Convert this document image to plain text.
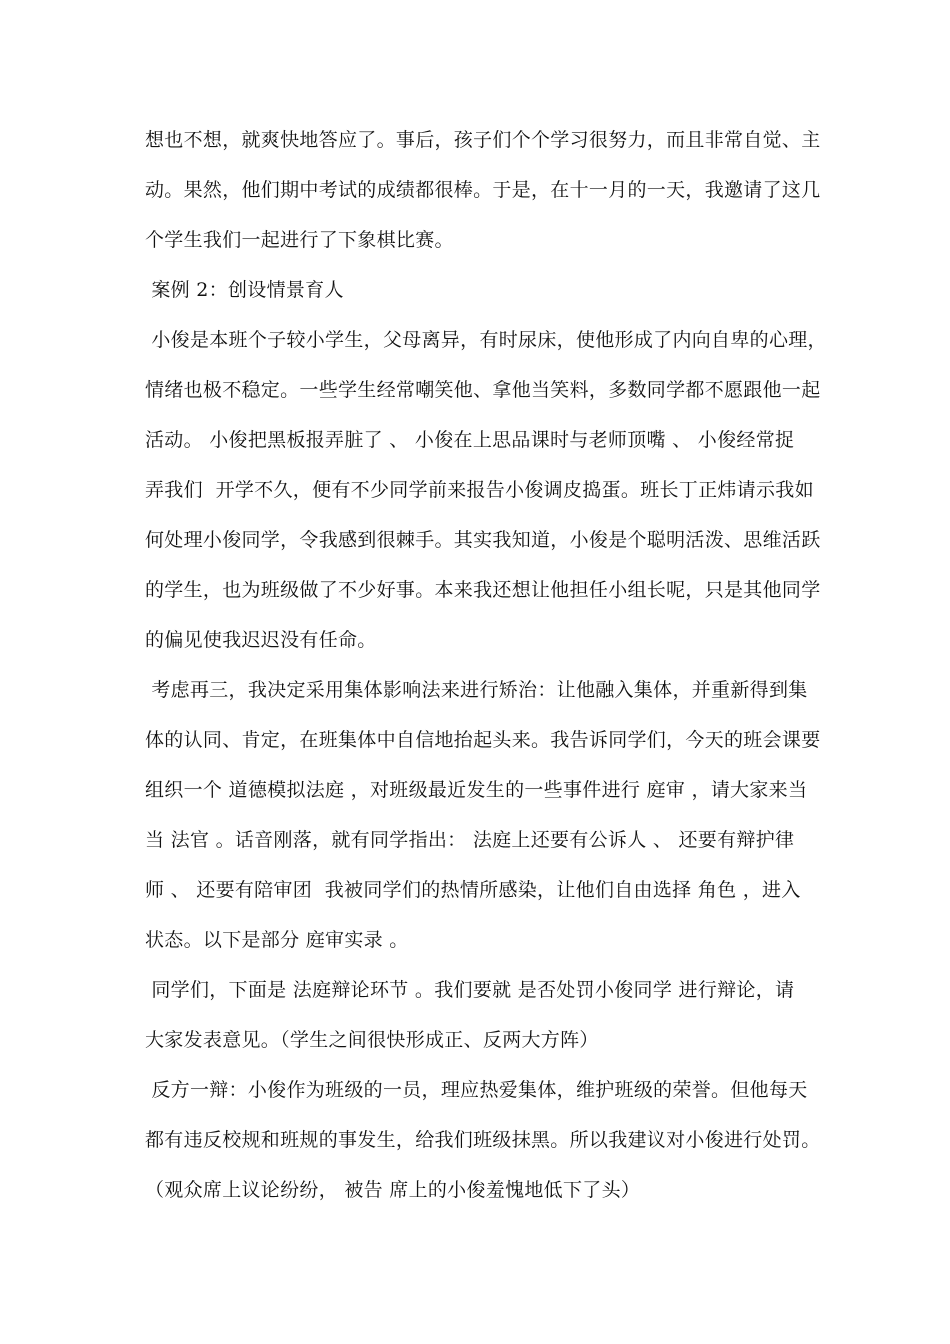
想也不想，就爽快地答应了。事后，孩子们个个学习很努力，而且非常自觉、主
动。果然，他们期中考试的成绩都很棒。于是，在十一月的一天，我邀请了这几
个学生我们一起进行了下象棋比赛。
案例 2：创设情景育人
小俊是本班个子较小学生，父母离异，有时尿床，使他形成了内向自卑的心理，
情绪也极不稳定。一些学生经常嘲笑他、拿他当笑料，多数同学都不愿跟他一起
活动。 小俊把黑板报弄脏了 、 小俊在上思品课时与老师顶嘴 、 小俊经常捉
弄我们  开学不久，便有不少同学前来报告小俊调皮捣蛋。班长丁正炜请示我如
何处理小俊同学，令我感到很棘手。其实我知道，小俊是个聪明活泼、思维活跃
的学生，也为班级做了不少好事。本来我还想让他担任小组长呢，只是其他同学
的偏见使我迟迟没有任命。
考虑再三，我决定采用集体影响法来进行矫治：让他融入集体，并重新得到集
体的认同、肯定，在班集体中自信地抬起头来。我告诉同学们，今天的班会课要
组织一个 道德模拟法庭 ，对班级最近发生的一些事件进行 庭审 ，请大家来当
当 法官 。话音刚落，就有同学指出： 法庭上还要有公诉人 、 还要有辩护律
师 、 还要有陪审团  我被同学们的热情所感染，让他们自由选择 角色 ，进入
状态。以下是部分 庭审实录 。
同学们，下面是 法庭辩论环节 。我们要就 是否处罚小俊同学 进行辩论，请
大家发表意见。（学生之间很快形成正、反两大方阵）
反方一辩：小俊作为班级的一员，理应热爱集体，维护班级的荣誉。但他每天
都有违反校规和班规的事发生，给我们班级抹黑。所以我建议对小俊进行处罚。
（观众席上议论纷纷， 被告 席上的小俊羞愧地低下了头）
